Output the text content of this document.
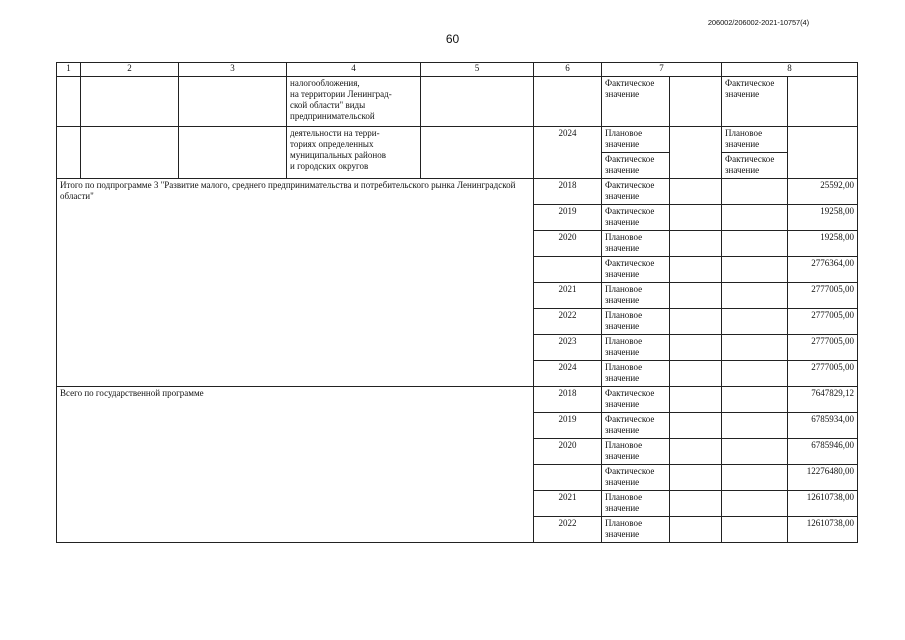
206002/206002-2021-10757(4)
60
1	2	3	4	5	6	7		8	

			налогообложения,
на территории Ленинград-
ской области" виды
предпринимательской			Фактическое значение		Фактическое значение	

			деятельности на терри-
ториях определенных
муниципальных районов
и городских округов		2024	Плановое значение		Плановое значение	
						Фактическое значение		Фактическое значение	
Итого по подпрограмме 3 "Развитие малого, среднего предпринимательства и потребительского рынка Ленинградской области"					2018	Фактическое значение			25592,00
					2019	Фактическое значение			19258,00
					2020	Плановое значение			19258,00
						Фактическое значение			2776364,00
					2021	Плановое значение			2777005,00
					2022	Плановое значение			2777005,00
					2023	Плановое значение			2777005,00
					2024	Плановое значение			2777005,00
Всего по государственной программе					2018	Фактическое значение			7647829,12
					2019	Фактическое значение			6785934,00
					2020	Плановое значение			6785946,00
						Фактическое значение			12276480,00
					2021	Плановое значение			12610738,00
					2022	Плановое значение			12610738,00
